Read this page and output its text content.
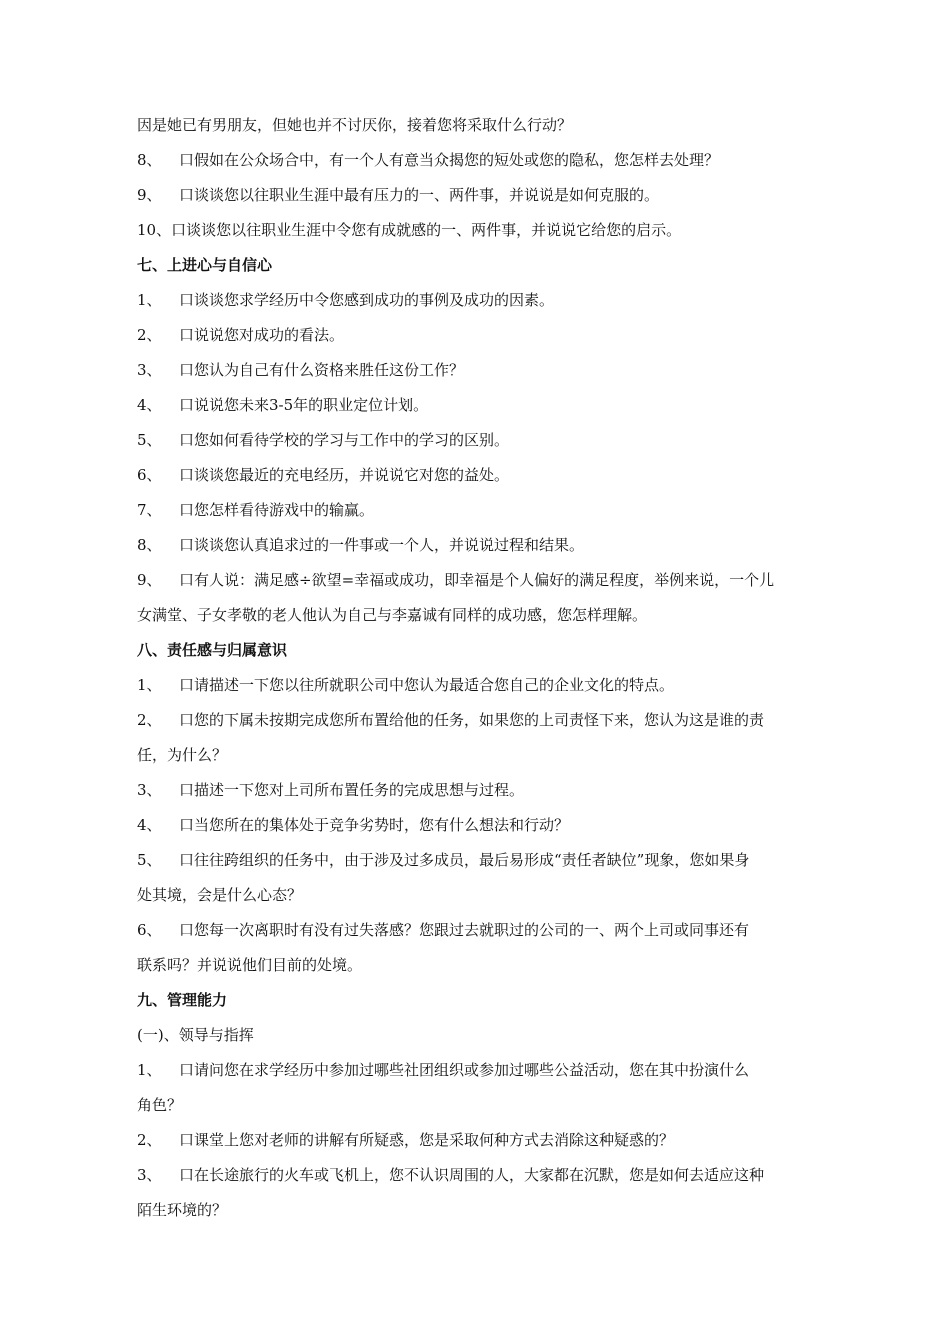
因是她已有男朋友，但她也并不讨厌你，接着您将采取什么行动？

8、	口假如在公众场合中，有一个人有意当众揭您的短处或您的隐私，您怎样去处理？
9、	口谈谈您以往职业生涯中最有压力的一、两件事，并说说是如何克服的。
10、 口谈谈您以往职业生涯中令您有成就感的一、两件事，并说说它给您的启示。

七、上进心与自信心

1、	口谈谈您求学经历中令您感到成功的事例及成功的因素。
2、	口说说您对成功的看法。
3、	口您认为自己有什么资格来胜任这份工作？
4、	口说说您未来3-5年的职业定位计划。
5、	口您如何看待学校的学习与工作中的学习的区别。
6、	口谈谈您最近的充电经历，并说说它对您的益处。
7、	口您怎样看待游戏中的输赢。
8、	口谈谈您认真追求过的一件事或一个人，并说说过程和结果。
9、	口有人说：满足感÷欲望=幸福或成功，即幸福是个人偏好的满足程度，举例来说，一个儿

女满堂、子女孝敬的老人他认为自己与李嘉诚有同样的成功感，您怎样理解。

八、责任感与归属意识

1、	口请描述一下您以往所就职公司中您认为最适合您自己的企业文化的特点。
2、	口您的下属未按期完成您所布置给他的任务，如果您的上司责怪下来，您认为这是谁的责

任，为什么？

3、	口描述一下您对上司所布置任务的完成思想与过程。
4、	口当您所在的集体处于竞争劣势时，您有什么想法和行动？
5、	口往往跨组织的任务中，由于涉及过多成员，最后易形成“责任者缺位”现象，您如果身

处其境，会是什么心态？

6、	口您每一次离职时有没有过失落感？您跟过去就职过的公司的一、两个上司或同事还有

联系吗？并说说他们目前的处境。

九、管理能力

(一)、领导与指挥

1、	口请问您在求学经历中参加过哪些社团组织或参加过哪些公益活动，您在其中扮演什么

角色？

2、	口课堂上您对老师的讲解有所疑惑，您是采取何种方式去消除这种疑惑的？
3、	口在长途旅行的火车或飞机上，您不认识周围的人，大家都在沉默，您是如何去适应这种

陌生环境的？
